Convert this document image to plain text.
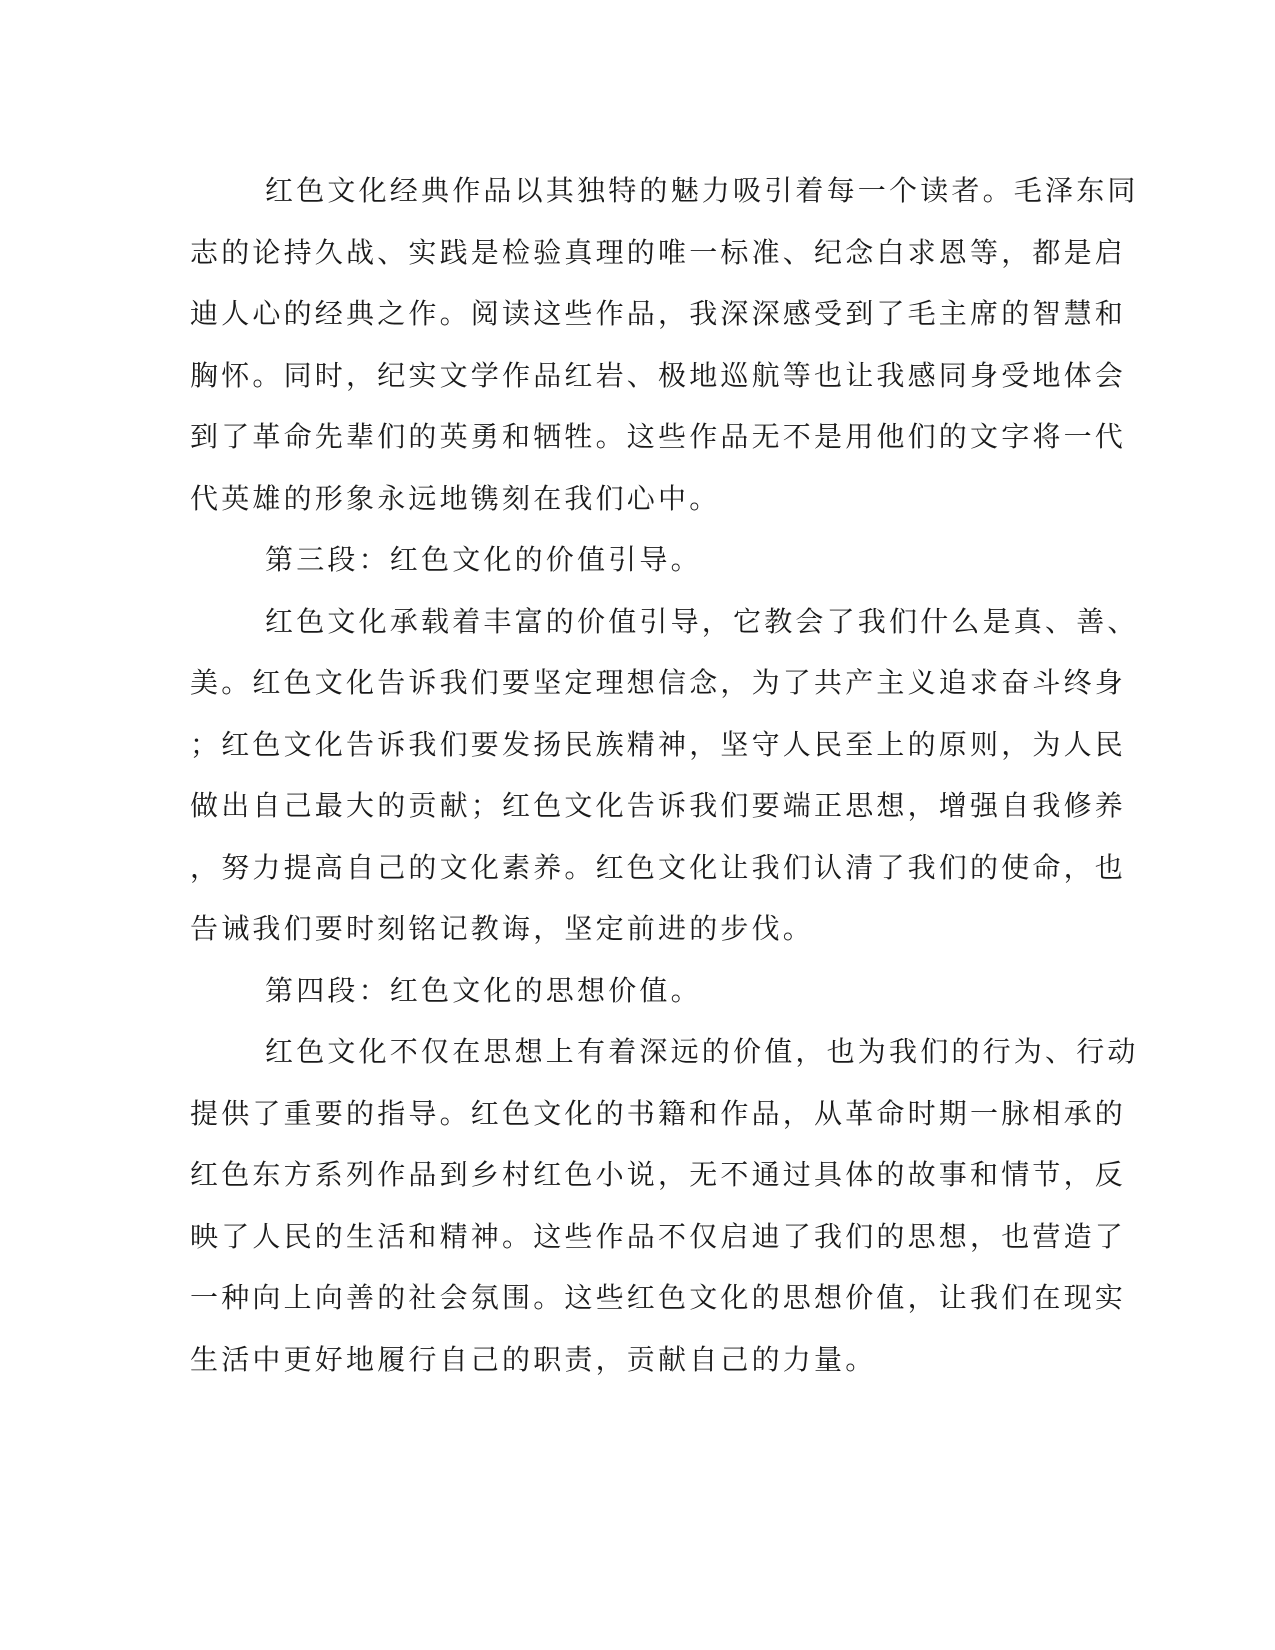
红色文化经典作品以其独特的魅力吸引着每一个读者。毛泽东同
志的论持久战、实践是检验真理的唯一标准、纪念白求恩等，都是启
迪人心的经典之作。阅读这些作品，我深深感受到了毛主席的智慧和
胸怀。同时，纪实文学作品红岩、极地巡航等也让我感同身受地体会
到了革命先辈们的英勇和牺牲。这些作品无不是用他们的文字将一代
代英雄的形象永远地镌刻在我们心中。
第三段：红色文化的价值引导。
红色文化承载着丰富的价值引导，它教会了我们什么是真、善、
美。红色文化告诉我们要坚定理想信念，为了共产主义追求奋斗终身
；红色文化告诉我们要发扬民族精神，坚守人民至上的原则，为人民
做出自己最大的贡献；红色文化告诉我们要端正思想，增强自我修养
，努力提高自己的文化素养。红色文化让我们认清了我们的使命，也
告诫我们要时刻铭记教诲，坚定前进的步伐。
第四段：红色文化的思想价值。
红色文化不仅在思想上有着深远的价值，也为我们的行为、行动
提供了重要的指导。红色文化的书籍和作品，从革命时期一脉相承的
红色东方系列作品到乡村红色小说，无不通过具体的故事和情节，反
映了人民的生活和精神。这些作品不仅启迪了我们的思想，也营造了
一种向上向善的社会氛围。这些红色文化的思想价值，让我们在现实
生活中更好地履行自己的职责，贡献自己的力量。
